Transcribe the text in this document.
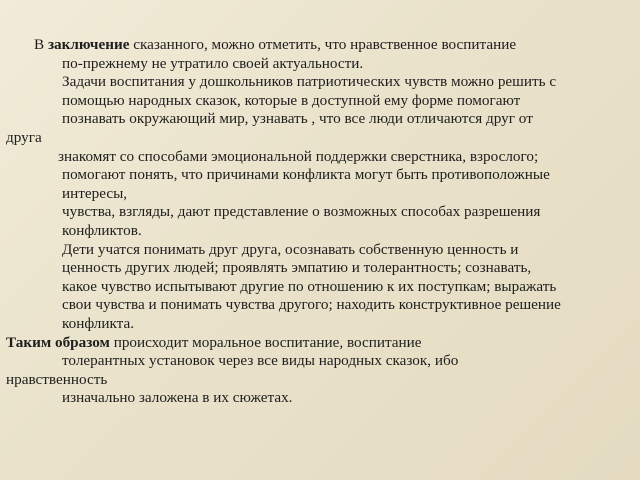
В заключение сказанного, можно отметить, что нравственное воспитание
по-прежнему не утратило своей актуальности.
Задачи воспитания у дошкольников патриотических чувств можно решить с
помощью народных сказок, которые в доступной ему форме помогают
познавать окружающий мир, узнавать , что все люди отличаются друг от
друга
знакомят со способами эмоциональной поддержки сверстника, взрослого;
помогают понять, что причинами конфликта могут быть противоположные
интересы,
чувства, взгляды, дают представление о возможных способах разрешения
конфликтов.
Дети учатся понимать друг друга, осознавать собственную ценность и
ценность других людей; проявлять эмпатию и толерантность; сознавать,
какое чувство испытывают другие по отношению к их поступкам; выражать
свои чувства и понимать чувства другого; находить конструктивное решение
конфликта.
Таким образом происходит моральное воспитание, воспитание
толерантных установок через все виды народных сказок, ибо
нравственность
изначально заложена в их сюжетах.
